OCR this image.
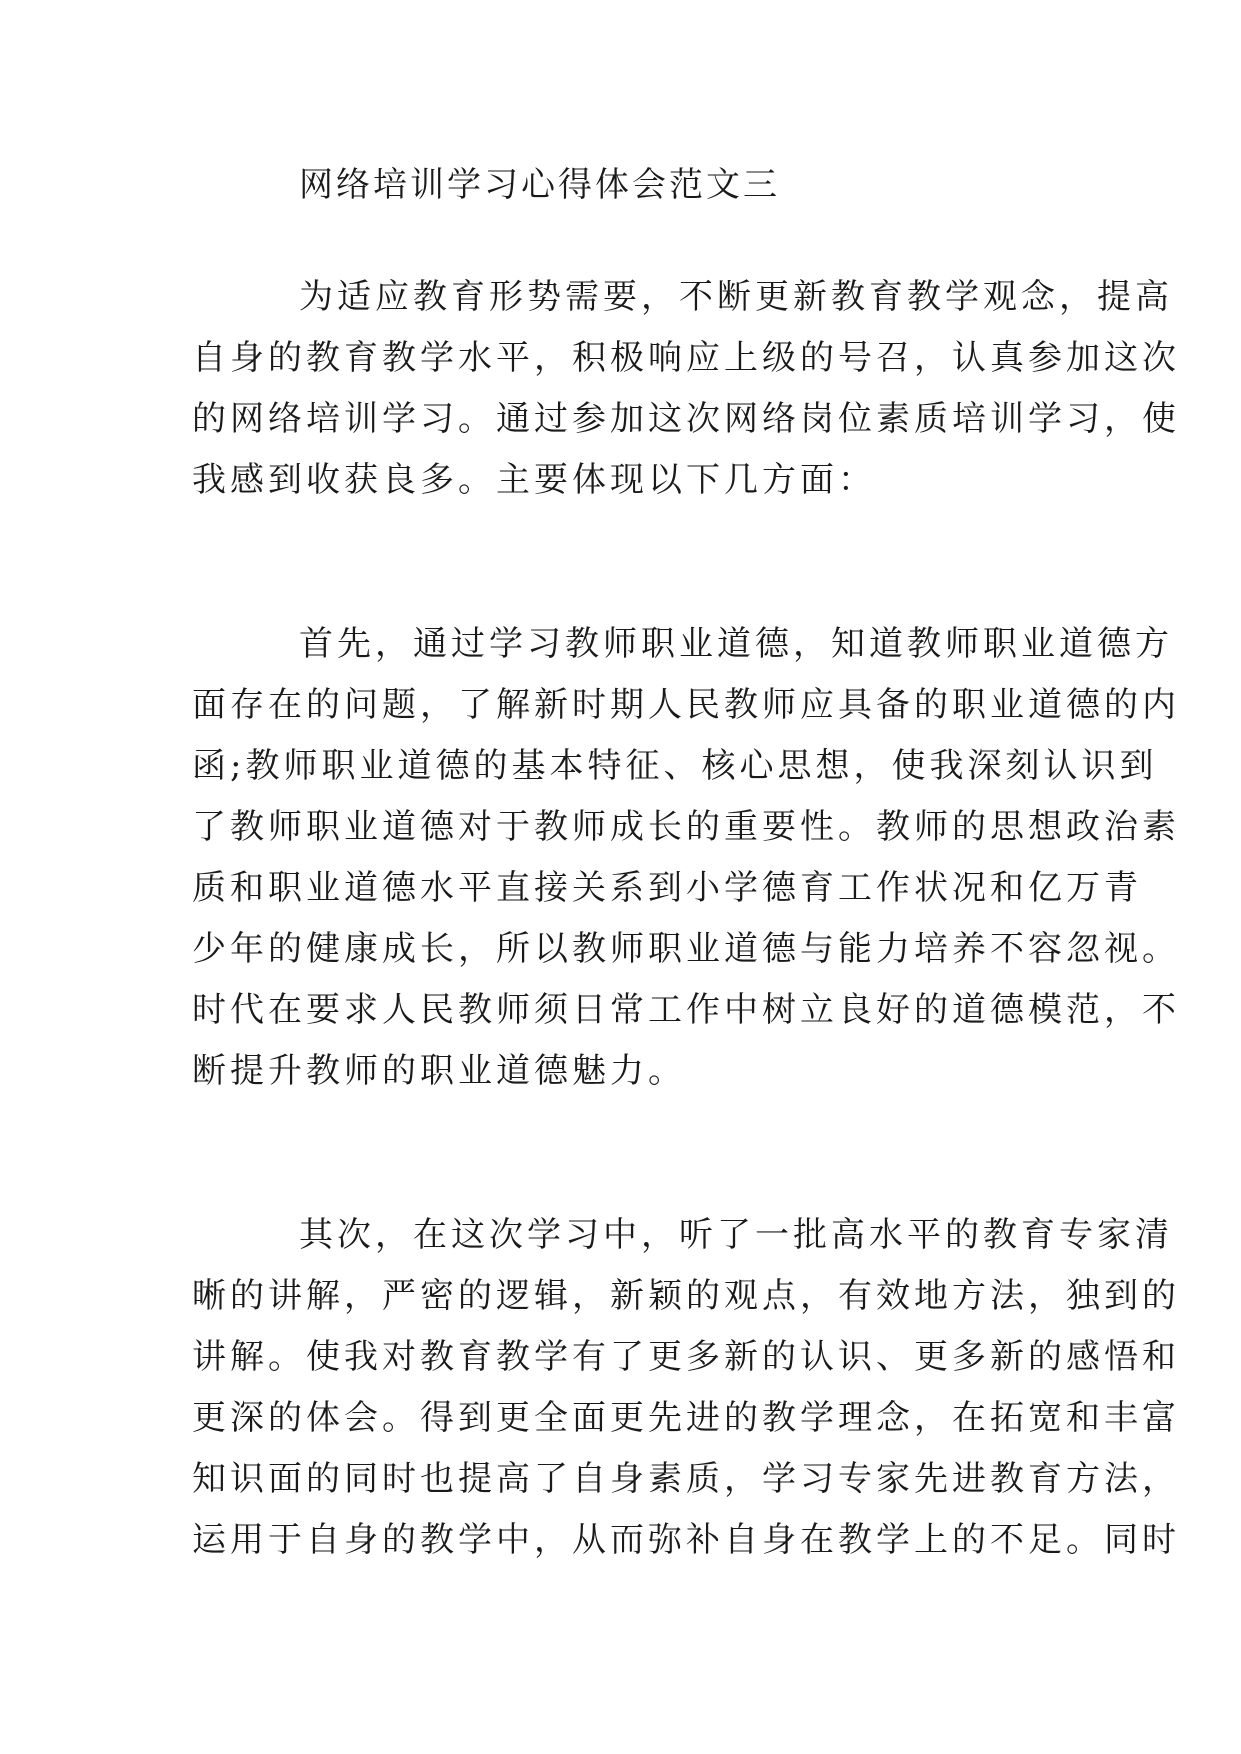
网络培训学习心得体会范文三
为适应教育形势需要，不断更新教育教学观念，提高
自身的教育教学水平，积极响应上级的号召，认真参加这次
的网络培训学习。通过参加这次网络岗位素质培训学习，使
我感到收获良多。主要体现以下几方面：
首先，通过学习教师职业道德，知道教师职业道德方
面存在的问题，了解新时期人民教师应具备的职业道德的内
函;教师职业道德的基本特征、核心思想，使我深刻认识到
了教师职业道德对于教师成长的重要性。教师的思想政治素
质和职业道德水平直接关系到小学德育工作状况和亿万青
少年的健康成长，所以教师职业道德与能力培养不容忽视。
时代在要求人民教师须日常工作中树立良好的道德模范，不
断提升教师的职业道德魅力。
其次，在这次学习中，听了一批高水平的教育专家清
晰的讲解，严密的逻辑，新颖的观点，有效地方法，独到的
讲解。使我对教育教学有了更多新的认识、更多新的感悟和
更深的体会。得到更全面更先进的教学理念，在拓宽和丰富
知识面的同时也提高了自身素质，学习专家先进教育方法，
运用于自身的教学中，从而弥补自身在教学上的不足。同时
